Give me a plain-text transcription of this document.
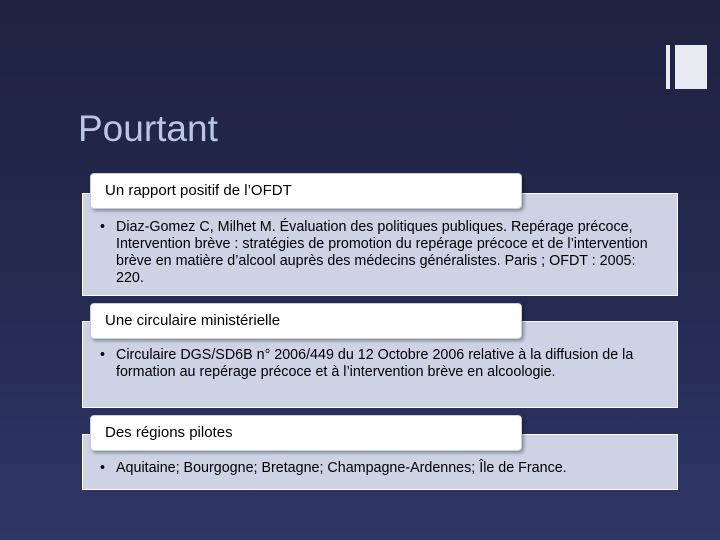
Pourtant
Un rapport positif de l’OFDT
• Diaz-Gomez C, Milhet M. Évaluation des politiques publiques. Repérage précoce, Intervention brève : stratégies de promotion du repérage précoce et de l’intervention brève en matière d’alcool auprès des médecins généralistes. Paris ; OFDT : 2005: 220.
Une circulaire ministérielle
• Circulaire DGS/SD6B n° 2006/449 du 12 Octobre 2006 relative à la diffusion de la formation au repérage précoce et à l’intervention brève en alcoologie.
Des régions pilotes
• Aquitaine; Bourgogne; Bretagne; Champagne-Ardennes; Île de France.
